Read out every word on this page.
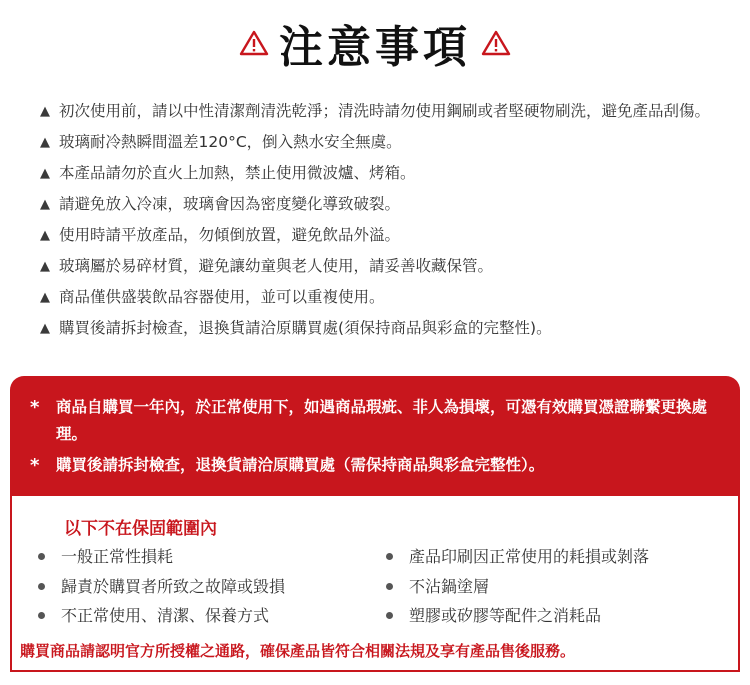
注意事項
▲ 初次使用前，請以中性清潔劑清洗乾淨；清洗時請勿使用鋼刷或者堅硬物刷洗，避免產品刮傷。
▲ 玻璃耐冷熱瞬間溫差120°C，倒入熱水安全無虞。
▲ 本產品請勿於直火上加熱，禁止使用微波爐、烤箱。
▲ 請避免放入冷凍，玻璃會因為密度變化導致破裂。
▲ 使用時請平放產品，勿傾倒放置，避免飲品外溢。
▲ 玻璃屬於易碎材質，避免讓幼童與老人使用，請妥善收藏保管。
▲ 商品僅供盛裝飲品容器使用，並可以重複使用。
▲ 購買後請拆封檢查，退換貨請洽原購買處(須保持商品與彩盒的完整性)。
*	商品自購買一年內，於正常使用下，如遇商品瑕疵、非人為損壞，可憑有效購買憑證聯繫更換處理。
*	購買後請拆封檢查，退換貨請洽原購買處（需保持商品與彩盒完整性）。
以下不在保固範圍內
一般正常性損耗
歸責於購買者所致之故障或毀損
不正常使用、清潔、保養方式
產品印刷因正常使用的耗損或剝落
不沾鍋塗層
塑膠或矽膠等配件之消耗品
購買商品請認明官方所授權之通路，確保產品皆符合相關法規及享有產品售後服務。
